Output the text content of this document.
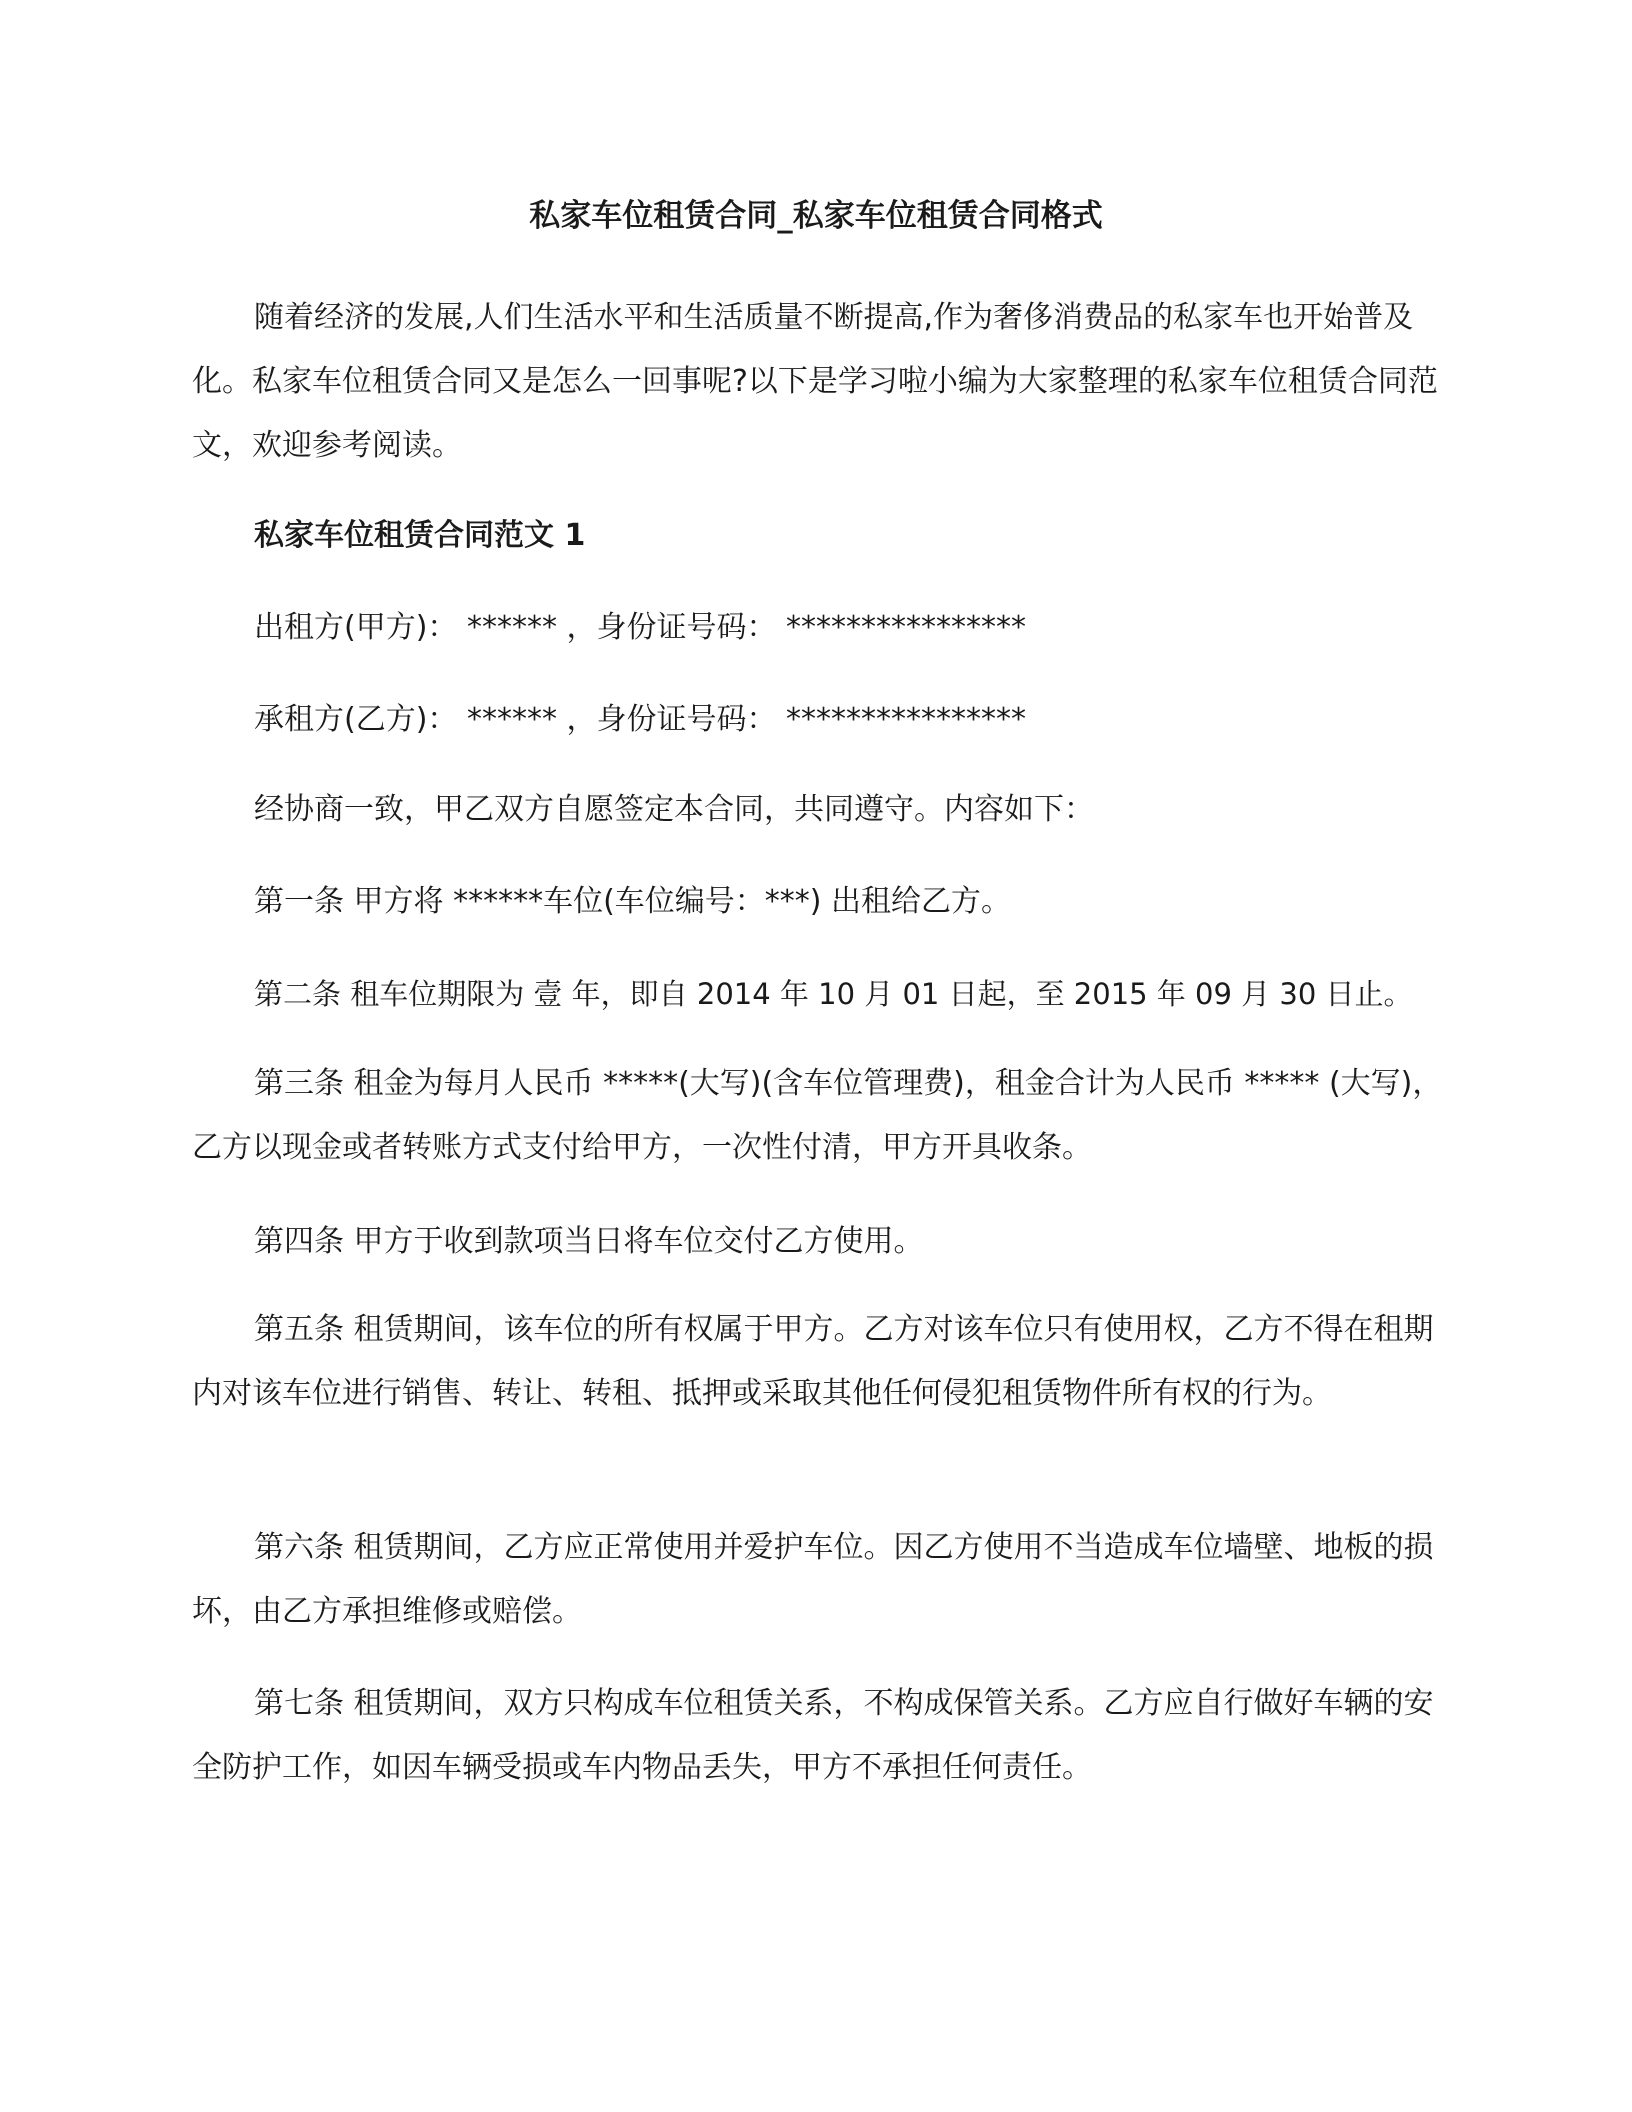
私家车位租赁合同_私家车位租赁合同格式

随着经济的发展,人们生活水平和生活质量不断提高,作为奢侈消费品的私家车也开始普及化。私家车位租赁合同又是怎么一回事呢?以下是学习啦小编为大家整理的私家车位租赁合同范文，欢迎参考阅读。

私家车位租赁合同范文 1

出租方(甲方)： ****** ，身份证号码： ****************

承租方(乙方)： ****** ，身份证号码： ****************

经协商一致，甲乙双方自愿签定本合同，共同遵守。内容如下：

第一条 甲方将 ******车位(车位编号：***) 出租给乙方。

第二条 租车位期限为 壹 年，即自 2014 年 10 月 01 日起，至 2015 年 09 月 30 日止。

第三条 租金为每月人民币 *****(大写)(含车位管理费)，租金合计为人民币 ***** (大写)，乙方以现金或者转账方式支付给甲方，一次性付清，甲方开具收条。

第四条 甲方于收到款项当日将车位交付乙方使用。

第五条 租赁期间，该车位的所有权属于甲方。乙方对该车位只有使用权，乙方不得在租期内对该车位进行销售、转让、转租、抵押或采取其他任何侵犯租赁物件所有权的行为。

第六条 租赁期间，乙方应正常使用并爱护车位。因乙方使用不当造成车位墙壁、地板的损坏，由乙方承担维修或赔偿。

第七条 租赁期间，双方只构成车位租赁关系，不构成保管关系。乙方应自行做好车辆的安全防护工作，如因车辆受损或车内物品丢失，甲方不承担任何责任。
